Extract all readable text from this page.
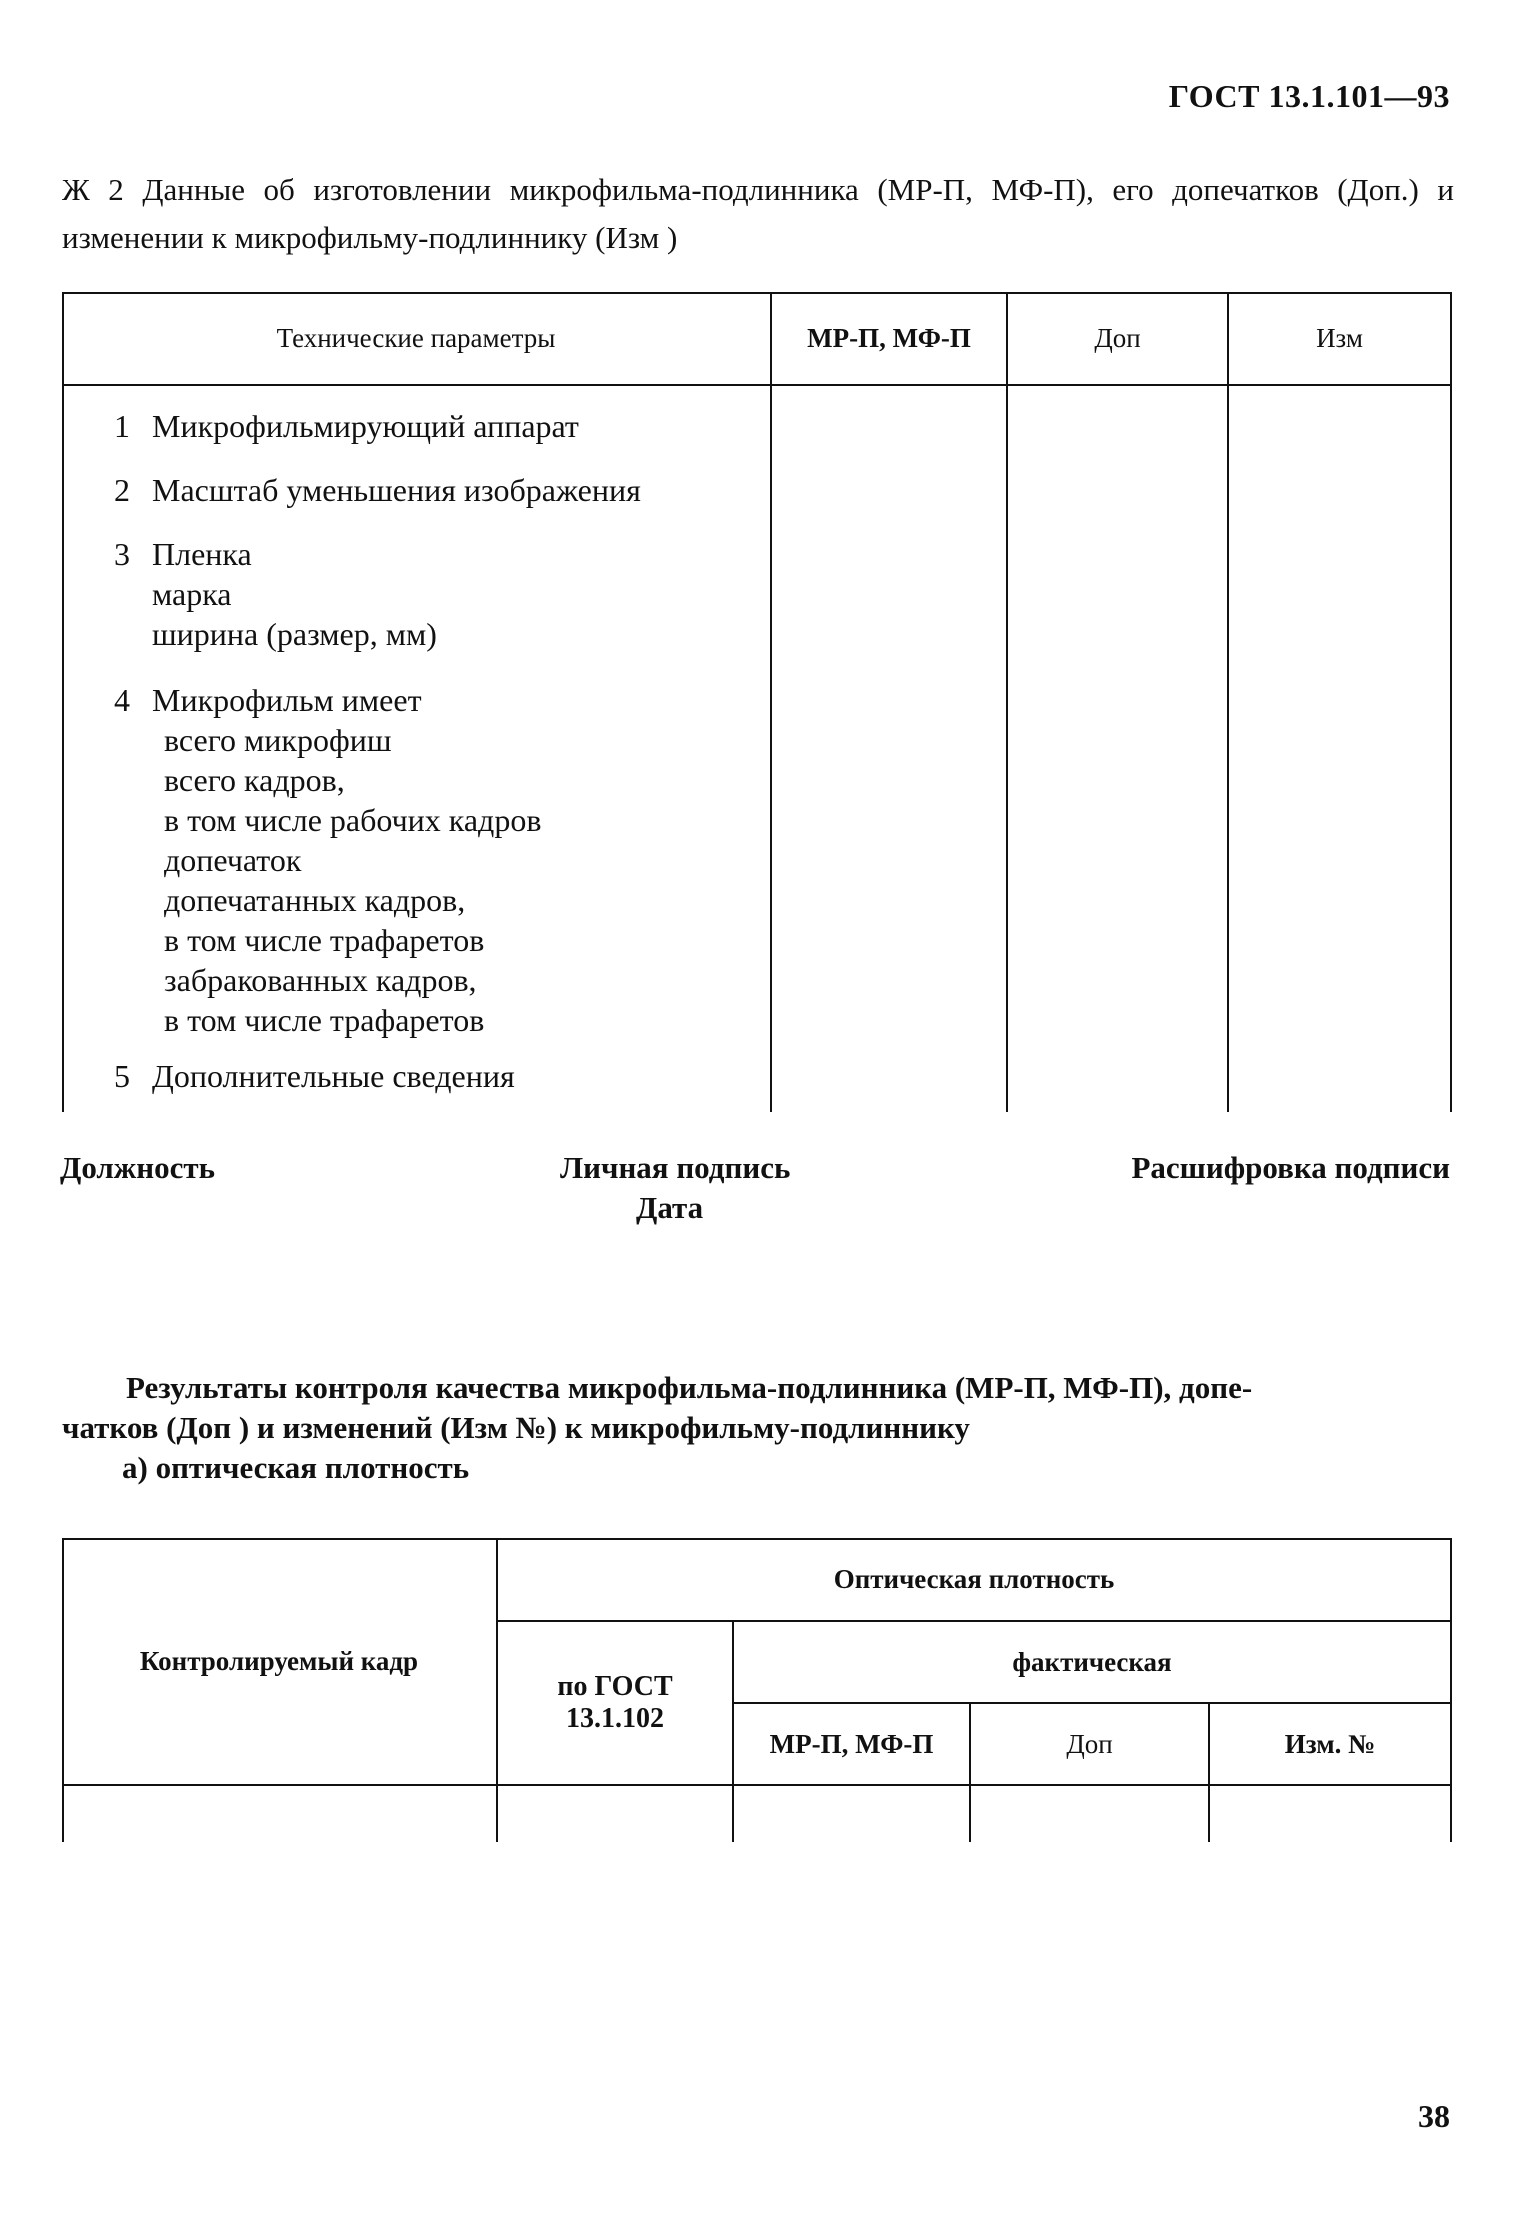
ГОСТ 13.1.101—93
Ж 2 Данные об изготовлении микрофильма-подлинника (МР-П, МФ-П), его допечатков (Доп.) и изменении к микрофильму-подлиннику (Изм )
Технические параметры	МР-П, МФ-П	Доп	Изм
1 Микрофильмирующий аппарат
2 Масштаб уменьшения изображения
3 Пленка
марка
ширина (размер, мм)
4 Микрофильм имеет
всего микрофиш
всего кадров,
в том числе рабочих кадров
допечаток
допечатанных кадров,
в том числе трафаретов
забракованных кадров,
в том числе трафаретов
5 Дополнительные сведения
Должность	Личная подпись
Дата
Расшифровка подписи
Результаты контроля качества микрофильма-подлинника (МР-П, МФ-П), допе-
чатков (Доп ) и изменений (Изм №) к микрофильму-подлиннику
а) оптическая плотность
Контролируемый кадр
Оптическая плотность
по ГОСТ
13.1.102
фактическая
МР-П, МФ-П	Доп	Изм. №
38
